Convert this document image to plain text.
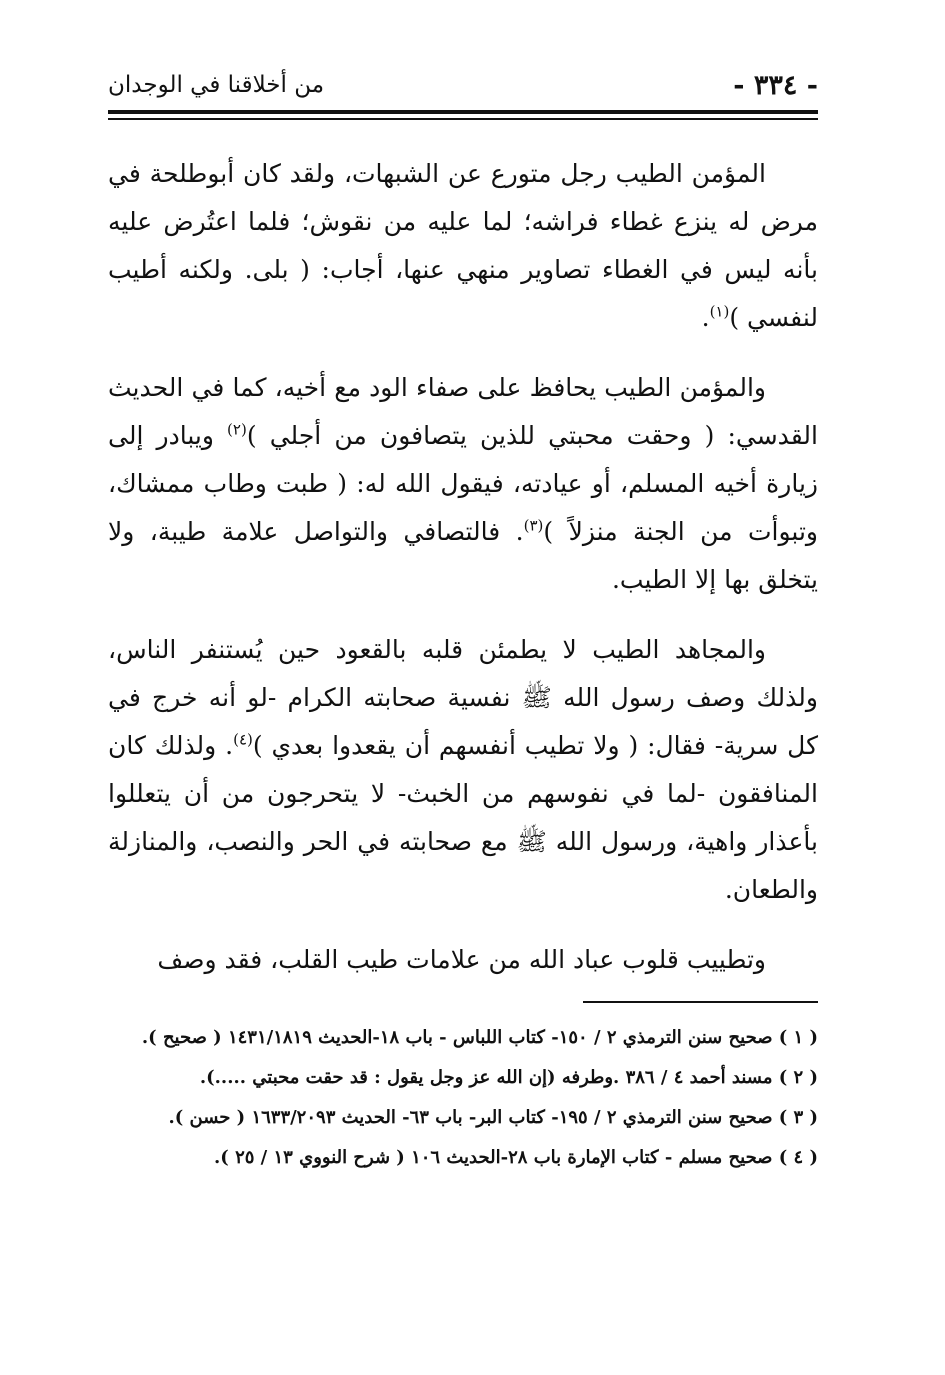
- ٣٣٤ -
من أخلاقنا في الوجدان

المؤمن الطيب رجل متورع عن الشبهات، ولقد كان أبوطلحة في مرض له ينزع غطاء فراشه؛ لما عليه من نقوش؛ فلما اعتُرض عليه بأنه ليس في الغطاء تصاوير منهي عنها، أجاب: ( بلى. ولكنه أطيب لنفسي )$^{(١)}$.

والمؤمن الطيب يحافظ على صفاء الود مع أخيه، كما في الحديث القدسي: ( وحقت محبتي للذين يتصافون من أجلي )$^{(٢)}$ ويبادر إلى زيارة أخيه المسلم، أو عيادته، فيقول الله له: ( طبت وطاب ممشاك، وتبوأت من الجنة منزلاً )$^{(٣)}$. فالتصافي والتواصل علامة طيبة، ولا يتخلق بها إلا الطيب.

والمجاهد الطيب لا يطمئن قلبه بالقعود حين يُستنفر الناس، ولذلك وصف رسول الله ﷺ نفسية صحابته الكرام -لو أنه خرج في كل سرية- فقال: ( ولا تطيب أنفسهم أن يقعدوا بعدي )$^{(٤)}$. ولذلك كان المنافقون -لما في نفوسهم من الخبث- لا يتحرجون من أن يتعللوا بأعذار واهية، ورسول الله ﷺ مع صحابته في الحر والنصب، والمنازلة والطعان.

وتطييب قلوب عباد الله من علامات طيب القلب، فقد وصف

( ١ ) صحيح سنن الترمذي ٢ / ١٥٠- كتاب اللباس - باب ١٨-الحديث ١٤٣١/١٨١٩ ( صحيح ).

( ٢ ) مسند أحمد ٤ / ٣٨٦ .وطرفه (إن الله عز وجل يقول : قد حقت محبتي .....).

( ٣ ) صحيح سنن الترمذي ٢ / ١٩٥- كتاب البر- باب ٦٣- الحديث ١٦٣٣/٢٠٩٣ ( حسن ).

( ٤ ) صحيح مسلم - كتاب الإمارة باب ٢٨-الحديث ١٠٦ ( شرح النووي ١٣ / ٢٥ ).
